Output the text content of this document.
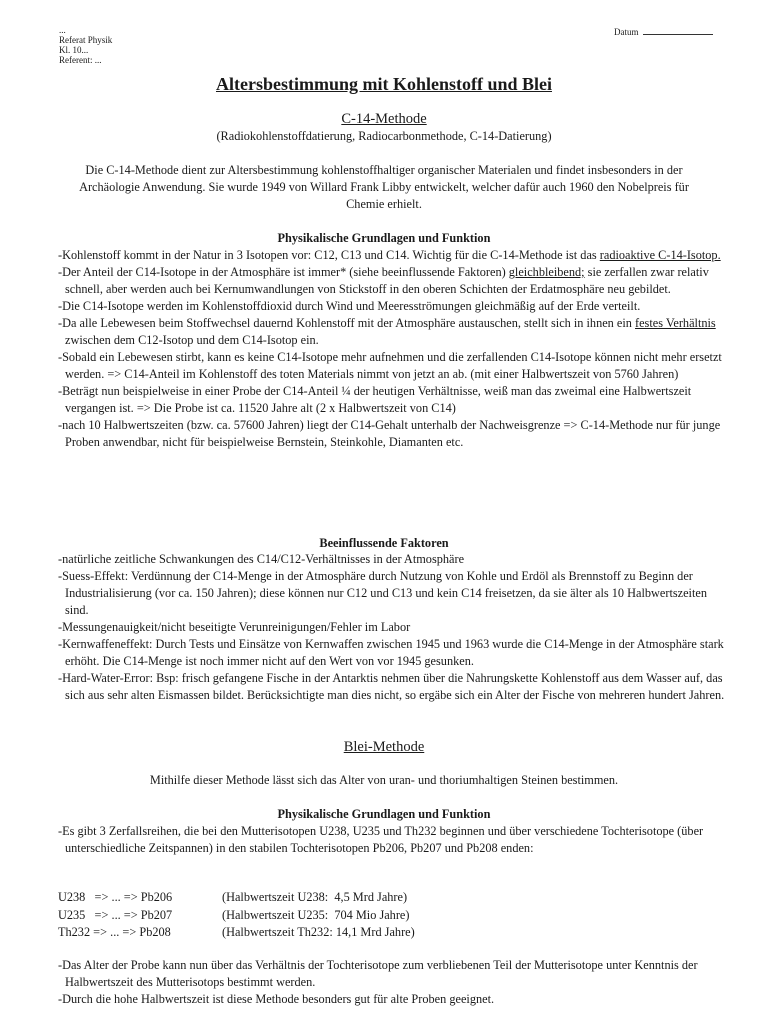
...
Referat Physik
Kl. 10...
Referent: ...
Datum
Altersbestimmung mit Kohlenstoff und Blei
C-14-Methode
(Radiokohlenstoffdatierung, Radiocarbonmethode, C-14-Datierung)
Die C-14-Methode dient zur Altersbestimmung kohlenstoffhaltiger organischer Materialen und findet insbesonders in der Archäologie Anwendung. Sie wurde 1949 von Willard Frank Libby entwickelt, welcher dafür auch 1960 den Nobelpreis für Chemie erhielt.
Physikalische Grundlagen und Funktion

-Kohlenstoff kommt in der Natur in 3 Isotopen vor: C12, C13 und C14. Wichtig für die C-14-Methode ist das radioaktive C-14-Isotop.

-Der Anteil der C14-Isotope in der Atmosphäre ist immer* (siehe beeinflussende Faktoren) gleichbleibend; sie zerfallen zwar relativ schnell, aber werden auch bei Kernumwandlungen von Stickstoff in den oberen Schichten der Erdatmosphäre neu gebildet.

-Die C14-Isotope werden im Kohlenstoffdioxid durch Wind und Meeresströmungen gleichmäßig auf der Erde verteilt.

-Da alle Lebewesen beim Stoffwechsel dauernd Kohlenstoff mit der Atmosphäre austauschen, stellt sich in ihnen ein festes Verhältnis zwischen dem C12-Isotop und dem C14-Isotop ein.

-Sobald ein Lebewesen stirbt, kann es keine C14-Isotope mehr aufnehmen und die zerfallenden C14-Isotope können nicht mehr ersetzt werden. => C14-Anteil im Kohlenstoff des toten Materials nimmt von jetzt an ab. (mit einer Halbwertszeit von 5760 Jahren)

-Beträgt nun beispielweise in einer Probe der C14-Anteil ¼ der heutigen Verhältnisse, weiß man das zweimal eine Halbwertszeit vergangen ist. => Die Probe ist ca. 11520 Jahre alt (2 x Halbwertszeit von C14)

-nach 10 Halbwertszeiten (bzw. ca. 57600 Jahren) liegt der C14-Gehalt unterhalb der Nachweisgrenze => C-14-Methode nur für junge Proben anwendbar, nicht für beispielweise Bernstein, Steinkohle, Diamanten etc.

Beeinflussende Faktoren

-natürliche zeitliche Schwankungen des C14/C12-Verhältnisses in der Atmosphäre

-Suess-Effekt: Verdünnung der C14-Menge in der Atmosphäre durch Nutzung von Kohle und Erdöl als Brennstoff zu Beginn der Industrialisierung (vor ca. 150 Jahren); diese können nur C12 und C13 und kein C14 freisetzen, da sie älter als 10 Halbwertszeiten sind.

-Messungenauigkeit/nicht beseitigte Verunreinigungen/Fehler im Labor

-Kernwaffeneffekt: Durch Tests und Einsätze von Kernwaffen zwischen 1945 und 1963 wurde die C14-Menge in der Atmosphäre stark erhöht. Die C14-Menge ist noch immer nicht auf den Wert von vor 1945 gesunken.

-Hard-Water-Error: Bsp: frisch gefangene Fische in der Antarktis nehmen über die Nahrungskette Kohlenstoff aus dem Wasser auf, das sich aus sehr alten Eismassen bildet. Berücksichtigte man dies nicht, so ergäbe sich ein Alter der Fische von mehreren hundert Jahren.

Blei-Methode
Mithilfe dieser Methode lässt sich das Alter von uran- und thoriumhaltigen Steinen bestimmen.
Physikalische Grundlagen und Funktion

-Es gibt 3 Zerfallsreihen, die bei den Mutterisotopen U238, U235 und Th232 beginnen und über verschiedene Tochterisotope (über unterschiedliche Zeitspannen) in den stabilen Tochterisotopen Pb206, Pb207 und Pb208 enden:

U238   => ... => Pb206	(Halbwertszeit U238:  4,5 Mrd Jahre)
U235   => ... => Pb207	(Halbwertszeit U235:  704 Mio Jahre)
Th232 => ... => Pb208	(Halbwertszeit Th232: 14,1 Mrd Jahre)

-Das Alter der Probe kann nun über das Verhältnis der Tochterisotope zum verbliebenen Teil der Mutterisotope unter Kenntnis der Halbwertszeit des Mutterisotops bestimmt werden.

-Durch die hohe Halbwertszeit ist diese Methode besonders gut für alte Proben geeignet.
